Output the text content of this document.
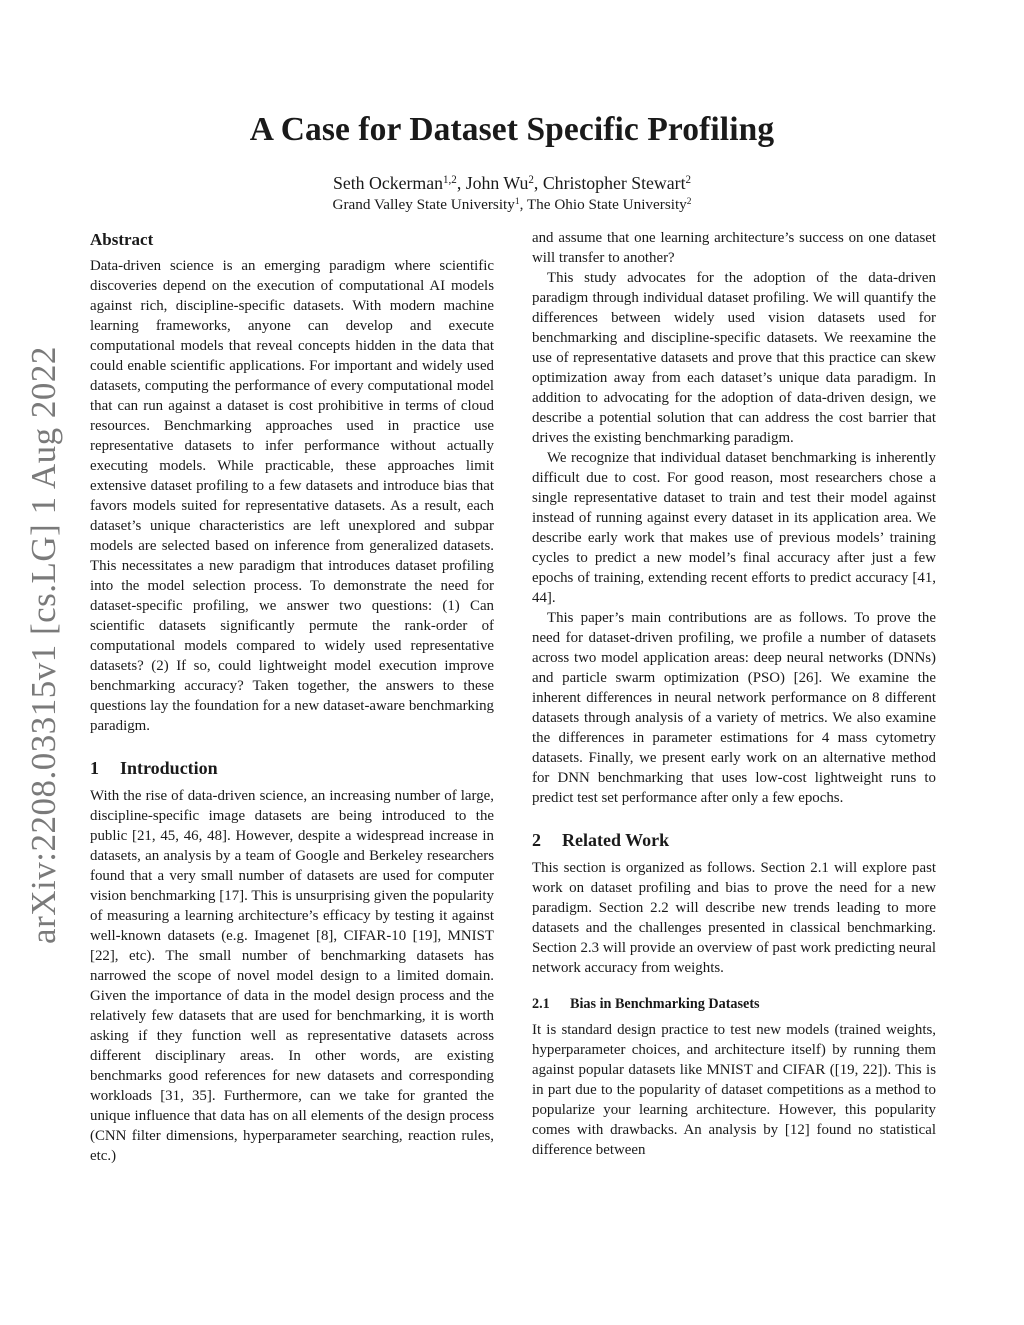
arXiv:2208.03315v1 [cs.LG] 1 Aug 2022
A Case for Dataset Specific Profiling
Seth Ockerman$^{1,2}$, John Wu$^2$, Christopher Stewart$^2$
Grand Valley State University$^1$, The Ohio State University$^2$
Abstract

Data-driven science is an emerging paradigm where scientific discoveries depend on the execution of computational AI models against rich, discipline-specific datasets. With modern machine learning frameworks, anyone can develop and execute computational models that reveal concepts hidden in the data that could enable scientific applications. For important and widely used datasets, computing the performance of every computational model that can run against a dataset is cost prohibitive in terms of cloud resources. Benchmarking approaches used in practice use representative datasets to infer performance without actually executing models. While practicable, these approaches limit extensive dataset profiling to a few datasets and introduce bias that favors models suited for representative datasets. As a result, each dataset’s unique characteristics are left unexplored and subpar models are selected based on inference from generalized datasets. This necessitates a new paradigm that introduces dataset profiling into the model selection process. To demonstrate the need for dataset-specific profiling, we answer two questions: (1) Can scientific datasets significantly permute the rank-order of computational models compared to widely used representative datasets? (2) If so, could lightweight model execution improve benchmarking accuracy? Taken together, the answers to these questions lay the foundation for a new dataset-aware benchmarking paradigm.

1 Introduction

With the rise of data-driven science, an increasing number of large, discipline-specific image datasets are being introduced to the public [21, 45, 46, 48]. However, despite a widespread increase in datasets, an analysis by a team of Google and Berkeley researchers found that a very small number of datasets are used for computer vision benchmarking [17]. This is unsurprising given the popularity of measuring a learning architecture’s efficacy by testing it against well-known datasets (e.g. Imagenet [8], CIFAR-10 [19], MNIST [22], etc). The small number of benchmarking datasets has narrowed the scope of novel model design to a limited domain. Given the importance of data in the model design process and the relatively few datasets that are used for benchmarking, it is worth asking if they function well as representative datasets across different disciplinary areas. In other words, are existing benchmarks good references for new datasets and corresponding workloads [31, 35]. Furthermore, can we take for granted the unique influence that data has on all elements of the design process (CNN filter dimensions, hyperparameter searching, reaction rules, etc.)

and assume that one learning architecture’s success on one dataset will transfer to another?

This study advocates for the adoption of the data-driven paradigm through individual dataset profiling. We will quantify the differences between widely used vision datasets used for benchmarking and discipline-specific datasets. We reexamine the use of representative datasets and prove that this practice can skew optimization away from each dataset’s unique data paradigm. In addition to advocating for the adoption of data-driven design, we describe a potential solution that can address the cost barrier that drives the existing benchmarking paradigm.

We recognize that individual dataset benchmarking is inherently difficult due to cost. For good reason, most researchers chose a single representative dataset to train and test their model against instead of running against every dataset in its application area. We describe early work that makes use of previous models’ training cycles to predict a new model’s final accuracy after just a few epochs of training, extending recent efforts to predict accuracy [41, 44].

This paper’s main contributions are as follows. To prove the need for dataset-driven profiling, we profile a number of datasets across two model application areas: deep neural networks (DNNs) and particle swarm optimization (PSO) [26]. We examine the inherent differences in neural network performance on 8 different datasets through analysis of a variety of metrics. We also examine the differences in parameter estimations for 4 mass cytometry datasets. Finally, we present early work on an alternative method for DNN benchmarking that uses low-cost lightweight runs to predict test set performance after only a few epochs.

2 Related Work

This section is organized as follows. Section 2.1 will explore past work on dataset profiling and bias to prove the need for a new paradigm. Section 2.2 will describe new trends leading to more datasets and the challenges presented in classical benchmarking. Section 2.3 will provide an overview of past work predicting neural network accuracy from weights.

2.1 Bias in Benchmarking Datasets

It is standard design practice to test new models (trained weights, hyperparameter choices, and architecture itself) by running them against popular datasets like MNIST and CIFAR ([19, 22]). This is in part due to the popularity of dataset competitions as a method to popularize your learning architecture. However, this popularity comes with drawbacks. An analysis by [12] found no statistical difference between
